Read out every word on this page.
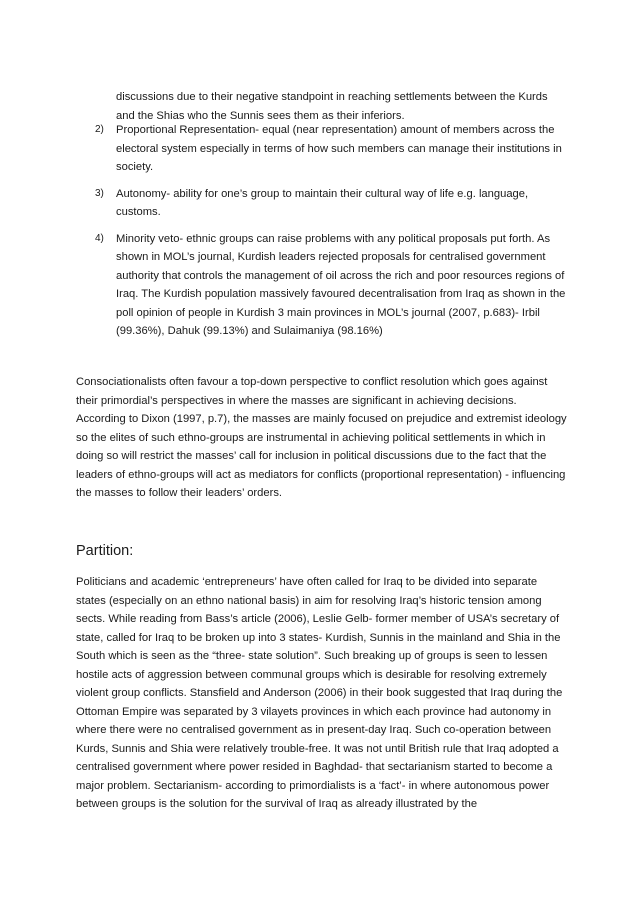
discussions due to their negative standpoint in reaching settlements between the Kurds and the Shias who the Sunnis sees them as their inferiors.

2) Proportional Representation- equal (near representation) amount of members across the electoral system especially in terms of how such members can manage their institutions in society.
3) Autonomy- ability for one’s group to maintain their cultural way of life e.g. language, customs.
4) Minority veto- ethnic groups can raise problems with any political proposals put forth. As shown in MOL’s journal, Kurdish leaders rejected proposals for centralised government authority that controls the management of oil across the rich and poor resources regions of Iraq. The Kurdish population massively favoured decentralisation from Iraq as shown in the poll opinion of people in Kurdish 3 main provinces in MOL’s journal (2007, p.683)- Irbil (99.36%), Dahuk (99.13%) and Sulaimaniya (98.16%)

Consociationalists often favour a top-down perspective to conflict resolution which goes against their primordial’s perspectives in where the masses are significant in achieving decisions. According to Dixon (1997, p.7), the masses are mainly focused on prejudice and extremist ideology so the elites of such ethno-groups are instrumental in achieving political settlements in which in doing so will restrict the masses’ call for inclusion in political discussions due to the fact that the leaders of ethno-groups will act as mediators for conflicts (proportional representation) - influencing the masses to follow their leaders’ orders.

Partition:

Politicians and academic ‘entrepreneurs’ have often called for Iraq to be divided into separate states (especially on an ethno national basis) in aim for resolving Iraq’s historic tension among sects. While reading from Bass’s article (2006), Leslie Gelb- former member of USA’s secretary of state, called for Iraq to be broken up into 3 states- Kurdish, Sunnis in the mainland and Shia in the South which is seen as the “three- state solution”. Such breaking up of groups is seen to lessen hostile acts of aggression between communal groups which is desirable for resolving extremely violent group conflicts. Stansfield and Anderson (2006) in their book suggested that Iraq during the Ottoman Empire was separated by 3 vilayets provinces in which each province had autonomy in where there were no centralised government as in present-day Iraq. Such co-operation between Kurds, Sunnis and Shia were relatively trouble-free. It was not until British rule that Iraq adopted a centralised government where power resided in Baghdad- that sectarianism started to become a major problem. Sectarianism- according to primordialists is a ‘fact’- in where autonomous power between groups is the solution for the survival of Iraq as already illustrated by the
